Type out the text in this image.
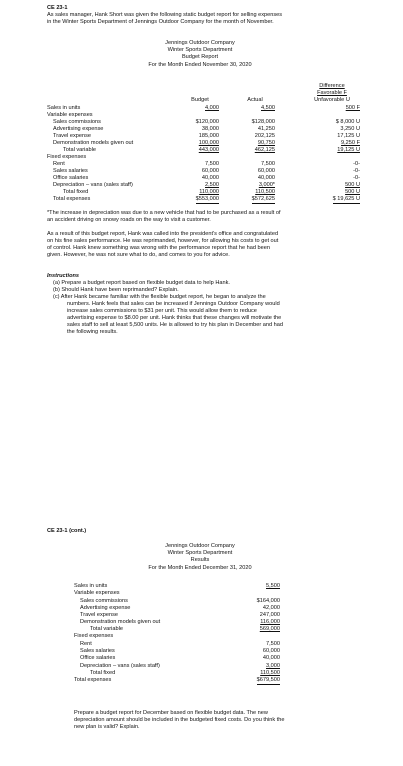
CE 23-1
As sales manager, Hank Short was given the following static budget report for selling expenses
in the Winter Sports Department of Jennings Outdoor Company for the month of November.
Jennings Outdoor Company
Winter Sports Department
Budget Report
For the Month Ended November 30, 2020
Difference
Favorable F
Unfavorable U
Budget	Actual
Sales in units	4,000	4,500	500 F
Variable expenses
Sales commissions	$120,000	$128,000	$ 8,000 U
Advertising expense	38,000	41,250	3,250 U
Travel expense	185,000	202,125	17,125 U
Demonstration models given out	100,000	90,750	9,250 F
Total variable	443,000	462,125	19,125 U
Fixed expenses
Rent	7,500	7,500	-0-
Sales salaries	60,000	60,000	-0-
Office salaries	40,000	40,000	-0-
Depreciation – vans (sales staff)	2,500	3,000*	500 U
Total fixed	110,000	110,500	500 U
Total expenses	$553,000	$572,625	$ 19,625 U
*The increase in depreciation was due to a new vehicle that had to be purchased as a result of
an accident driving on snowy roads on the way to visit a customer.
As a result of this budget report, Hank was called into the president's office and congratulated
on his fine sales performance. He was reprimanded, however, for allowing his costs to get out
of control. Hank knew something was wrong with the performance report that he had been
given. However, he was not sure what to do, and comes to you for advice.
Instructions
(a) Prepare a budget report based on flexible budget data to help Hank.
(b) Should Hank have been reprimanded? Explain.
(c) After Hank became familiar with the flexible budget report, he began to analyze the
numbers. Hank feels that sales can be increased if Jennings Outdoor Company would
increase sales commissions to $31 per unit. This would allow them to reduce
advertising expense to $8.00 per unit. Hank thinks that these changes will motivate the
sales staff to sell at least 5,500 units. He is allowed to try his plan in December and had
the following results.
CE 23-1 (cont.)
Jennings Outdoor Company
Winter Sports Department
Results
For the Month Ended December 31, 2020
Sales in units	5,500
Variable expenses
Sales commissions	$164,000
Advertising expense	42,000
Travel expense	247,000
Demonstration models given out	116,000
Total variable	569,000
Fixed expenses
Rent	7,500
Sales salaries	60,000
Office salaries	40,000
Depreciation – vans (sales staff)	3,000
Total fixed	110,500
Total expenses	$679,500
Prepare a budget report for December based on flexible budget data. The new
depreciation amount should be included in the budgeted fixed costs. Do you think the
new plan is valid? Explain.
